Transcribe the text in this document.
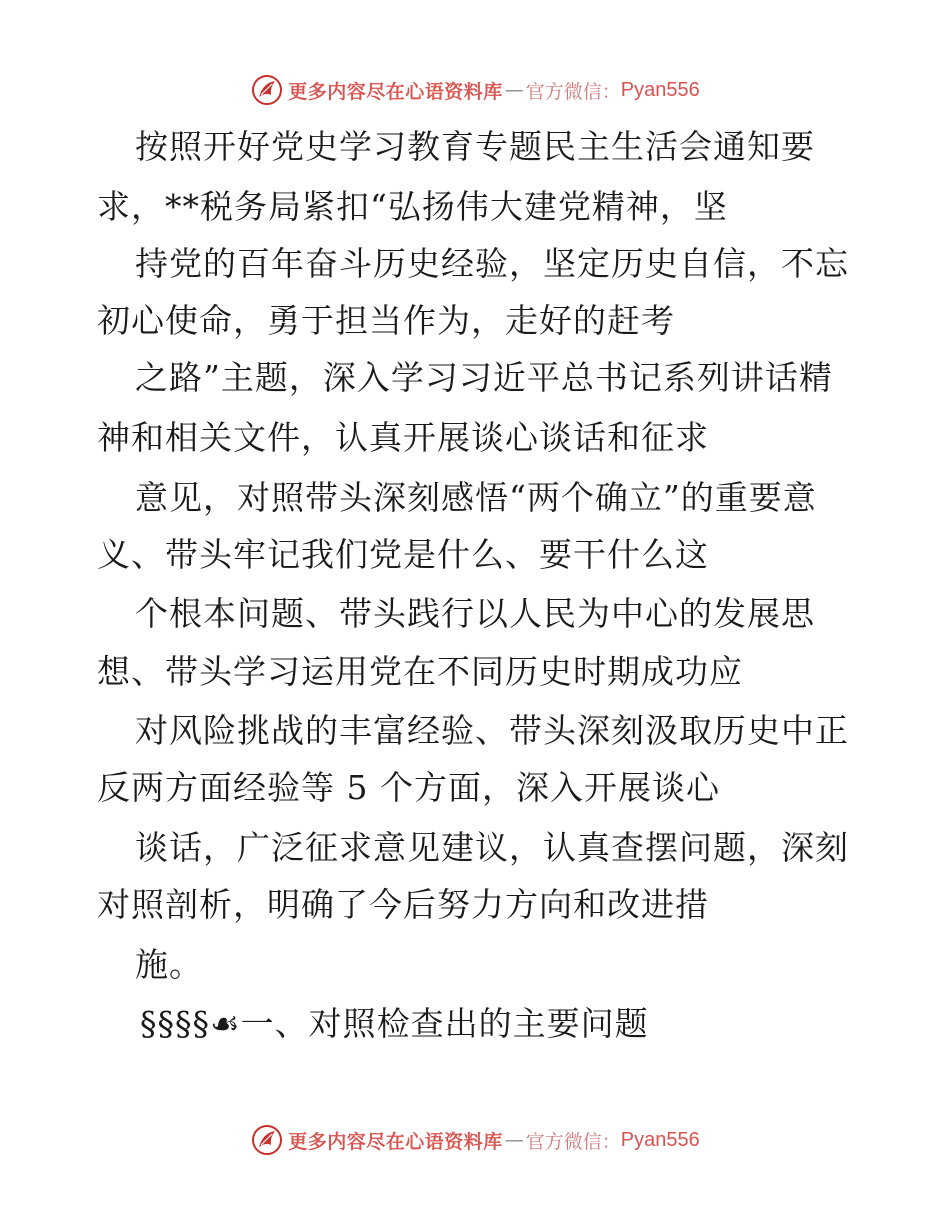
更多内容尽在心语资料库 — 官方微信： Pyan556
按照开好党史学习教育专题民主生活会通知要
求，**税务局紧扣“弘扬伟大建党精神，坚
持党的百年奋斗历史经验，坚定历史自信，不忘
初心使命，勇于担当作为，走好的赶考
之路”主题，深入学习习近平总书记系列讲话精
神和相关文件，认真开展谈心谈话和征求
意见，对照带头深刻感悟“两个确立”的重要意
义、带头牢记我们党是什么、要干什么这
个根本问题、带头践行以人民为中心的发展思
想、带头学习运用党在不同历史时期成功应
对风险挑战的丰富经验、带头深刻汲取历史中正
反两方面经验等 5 个方面，深入开展谈心
谈话，广泛征求意见建议，认真查摆问题，深刻
对照剖析，明确了今后努力方向和改进措
施。
§§§§☙一、对照检查出的主要问题
更多内容尽在心语资料库 — 官方微信： Pyan556
